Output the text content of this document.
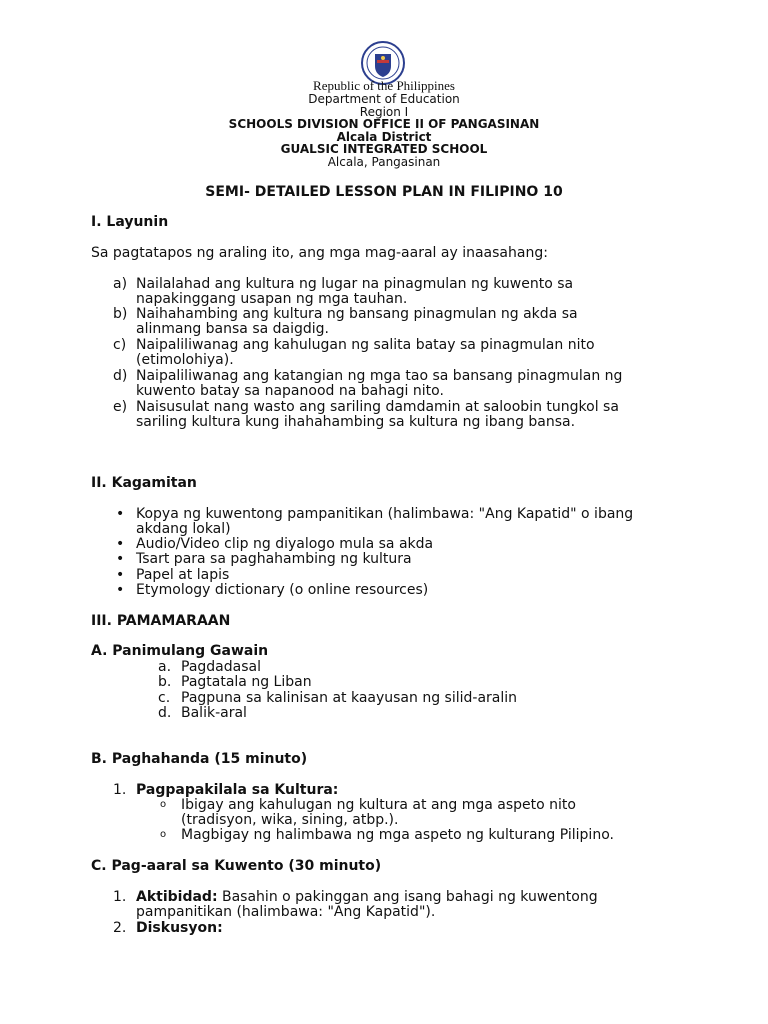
Republic of the Philippines
Department of Education
Region I
SCHOOLS DIVISION OFFICE II OF PANGASINAN
Alcala District
GUALSIC INTEGRATED SCHOOL
Alcala, Pangasinan
SEMI- DETAILED LESSON PLAN IN FILIPINO 10
I. Layunin
Sa pagtatapos ng araling ito, ang mga mag-aaral ay inaasahang:
a) Nailalahad ang kultura ng lugar na pinagmulan ng kuwento sa
napakinggang usapan ng mga tauhan.
b) Naihahambing ang kultura ng bansang pinagmulan ng akda sa
alinmang bansa sa daigdig.
c) Naipaliliwanag ang kahulugan ng salita batay sa pinagmulan nito
(etimolohiya).
d) Naipaliliwanag ang katangian ng mga tao sa bansang pinagmulan ng
kuwento batay sa napanood na bahagi nito.
e) Naisusulat nang wasto ang sariling damdamin at saloobin tungkol sa
sariling kultura kung ihahahambing sa kultura ng ibang bansa.
II. Kagamitan
•
Kopya ng kuwentong pampanitikan (halimbawa: "Ang Kapatid" o ibang
akdang lokal)
•
Audio/Video clip ng diyalogo mula sa akda
•
Tsart para sa paghahambing ng kultura
•
Papel at lapis
•
Etymology dictionary (o online resources)
III. PAMAMARAAN
A. Panimulang Gawain
a. Pagdadasal
b. Pagtatala ng Liban
c. Pagpuna sa kalinisan at kaayusan ng silid-aralin
d. Balik-aral
B. Paghahanda (15 minuto)
1. Pagpapakilala sa Kultura:
o Ibigay ang kahulugan ng kultura at ang mga aspeto nito
(tradisyon, wika, sining, atbp.).
o Magbigay ng halimbawa ng mga aspeto ng kulturang Pilipino.
C. Pag-aaral sa Kuwento (30 minuto)
1. Aktibidad: Basahin o pakinggan ang isang bahagi ng kuwentong
pampanitikan (halimbawa: "Ang Kapatid").
2. Diskusyon:
